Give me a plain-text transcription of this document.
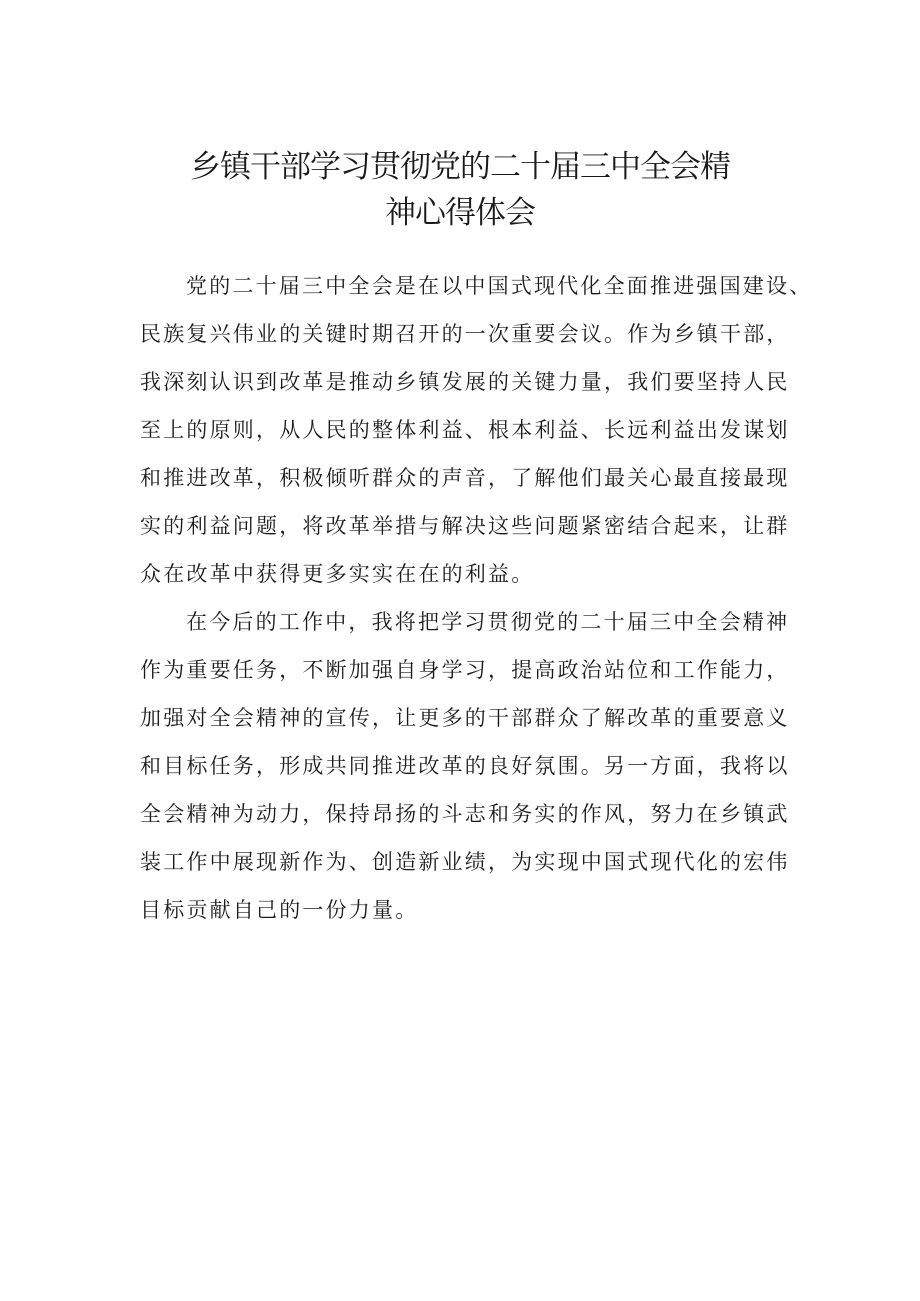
乡镇干部学习贯彻党的二十届三中全会精
神心得体会
党的二十届三中全会是在以中国式现代化全面推进强国建设、
民族复兴伟业的关键时期召开的一次重要会议。作为乡镇干部，
我深刻认识到改革是推动乡镇发展的关键力量，我们要坚持人民
至上的原则，从人民的整体利益、根本利益、长远利益出发谋划
和推进改革，积极倾听群众的声音，了解他们最关心最直接最现
实的利益问题，将改革举措与解决这些问题紧密结合起来，让群
众在改革中获得更多实实在在的利益。
在今后的工作中，我将把学习贯彻党的二十届三中全会精神
作为重要任务，不断加强自身学习，提高政治站位和工作能力，
加强对全会精神的宣传，让更多的干部群众了解改革的重要意义
和目标任务，形成共同推进改革的良好氛围。另一方面，我将以
全会精神为动力，保持昂扬的斗志和务实的作风，努力在乡镇武
装工作中展现新作为、创造新业绩，为实现中国式现代化的宏伟
目标贡献自己的一份力量。
